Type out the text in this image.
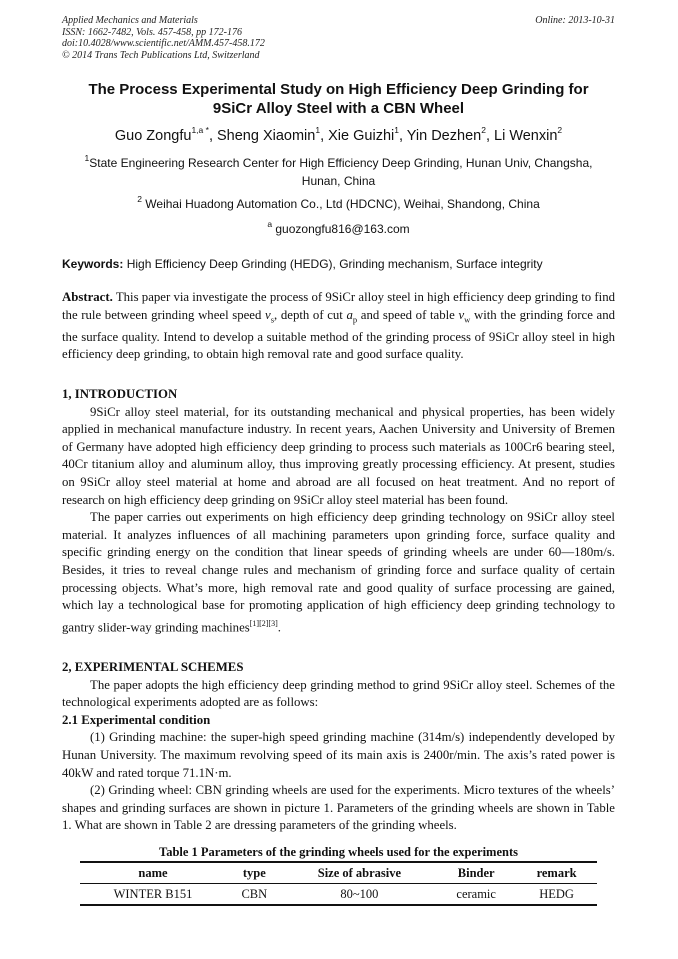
Applied Mechanics and Materials
ISSN: 1662-7482, Vols. 457-458, pp 172-176
doi:10.4028/www.scientific.net/AMM.457-458.172
© 2014 Trans Tech Publications Ltd, Switzerland
Online: 2013-10-31
The Process Experimental Study on High Efficiency Deep Grinding for
9SiCr Alloy Steel with a CBN Wheel
Guo Zongfu$^{1,a *}$, Sheng Xiaomin$^1$, Xie Guizhi$^1$, Yin Dezhen$^2$, Li Wenxin$^2$
$^1$State Engineering Research Center for High Efficiency Deep Grinding, Hunan Univ, Changsha,
Hunan, China
$^2$ Weihai Huadong Automation Co., Ltd (HDCNC), Weihai, Shandong, China
$^a$ guozongfu816@163.com
Keywords: High Efficiency Deep Grinding (HEDG), Grinding mechanism, Surface integrity

Abstract. This paper via investigate the process of 9SiCr alloy steel in high efficiency deep grinding to find the rule between grinding wheel speed $v_s$, depth of cut $a_p$ and speed of table $v_w$ with the grinding force and the surface quality. Intend to develop a suitable method of the grinding process of 9SiCr alloy steel in high efficiency deep grinding, to obtain high removal rate and good surface quality.

1, INTRODUCTION

9SiCr alloy steel material, for its outstanding mechanical and physical properties, has been widely applied in mechanical manufacture industry. In recent years, Aachen University and University of Bremen of Germany have adopted high efficiency deep grinding to process such materials as 100Cr6 bearing steel, 40Cr titanium alloy and aluminum alloy, thus improving greatly processing efficiency. At present, studies on 9SiCr alloy steel material at home and abroad are all focused on heat treatment. And no report of research on high efficiency deep grinding on 9SiCr alloy steel material has been found.

The paper carries out experiments on high efficiency deep grinding technology on 9SiCr alloy steel material. It analyzes influences of all machining parameters upon grinding force, surface quality and specific grinding energy on the condition that linear speeds of grinding wheels are under 60—180m/s. Besides, it tries to reveal change rules and mechanism of grinding force and surface quality of certain processing objects. What’s more, high removal rate and good quality of surface processing are gained, which lay a technological base for promoting application of high efficiency deep grinding technology to gantry slider-way grinding machines[1][2][3].

2, EXPERIMENTAL SCHEMES

The paper adopts the high efficiency deep grinding method to grind 9SiCr alloy steel. Schemes of the technological experiments adopted are as follows:

2.1 Experimental condition

(1) Grinding machine: the super-high speed grinding machine (314m/s) independently developed by Hunan University. The maximum revolving speed of its main axis is 2400r/min. The axis’s rated power is 40kW and rated torque 71.1N·m.

(2) Grinding wheel: CBN grinding wheels are used for the experiments. Micro textures of the wheels’ shapes and grinding surfaces are shown in picture 1. Parameters of the grinding wheels are shown in Table 1. What are shown in Table 2 are dressing parameters of the grinding wheels.

Table 1 Parameters of the grinding wheels used for the experiments
name	type	Size of abrasive	Binder	remark
WINTER B151	CBN	80~100	ceramic	HEDG
